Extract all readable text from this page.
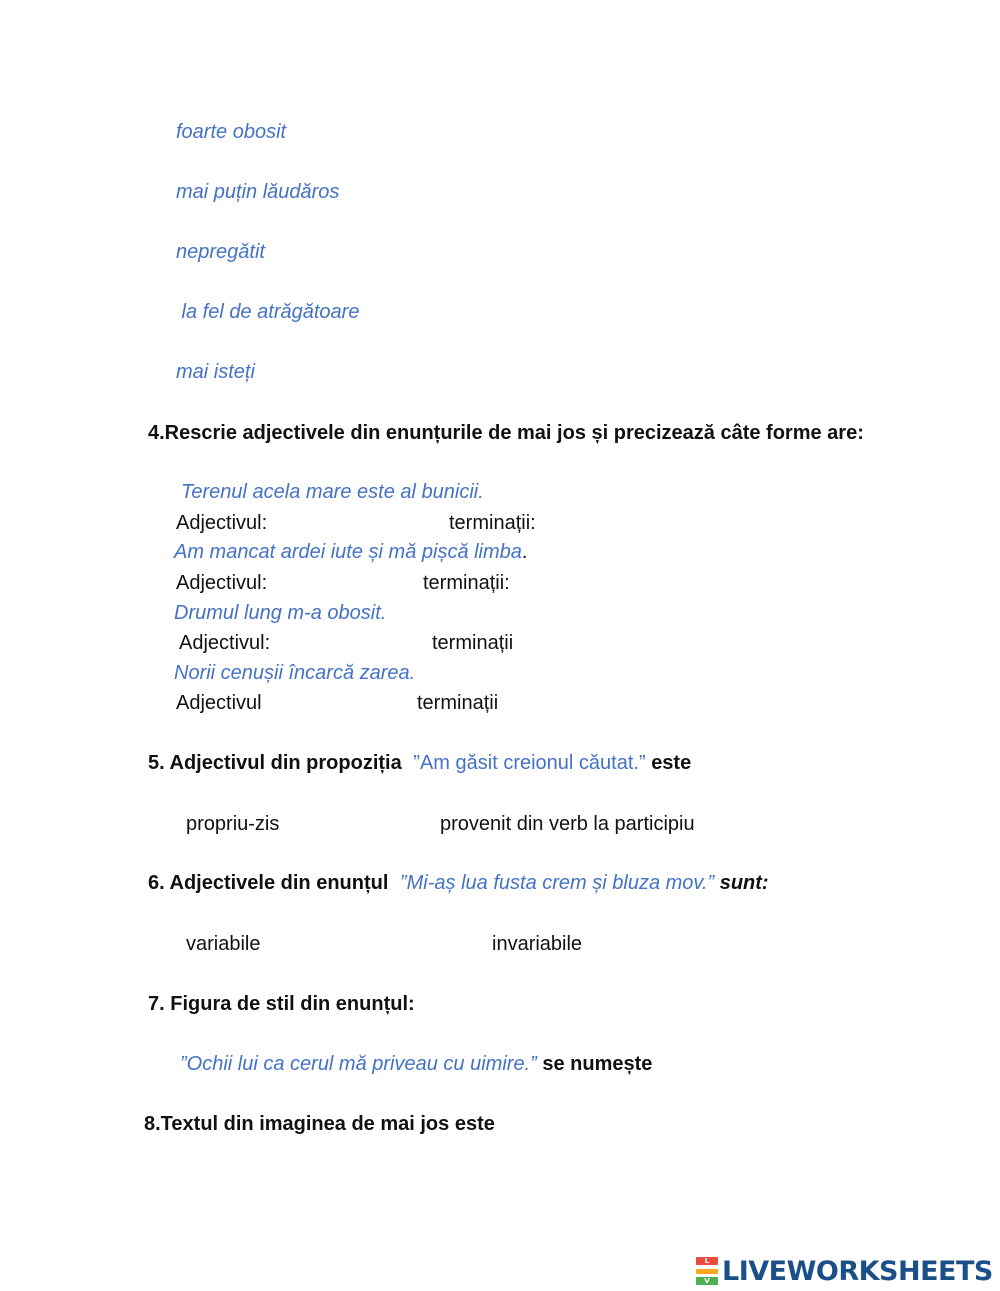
foarte obosit
mai puțin lăudăros
nepregătit
la fel de atrăgătoare
mai isteți
4.Rescrie adjectivele din enunțurile de mai jos și precizează câte forme are:
Terenul acela mare este al bunicii.
Adjectivul:	terminații:
Am mancat ardei iute și mă pișcă limba.
Adjectivul:	terminații:
Drumul lung m-a obosit.
Adjectivul:	terminații
Norii cenușii încarcă zarea.
Adjectivul	terminații
5. Adjectivul din propoziția ”Am găsit creionul căutat.” este
propriu-zis	provenit din verb la participiu
6. Adjectivele din enunțul ”Mi-aș lua fusta crem și bluza mov.” sunt:
variabile	invariabile
7. Figura de stil din enunțul:
”Ochii lui ca cerul mă priveau cu uimire.” se numește
8.Textul din imaginea de mai jos este
L
V LIVEWORKSHEETS
